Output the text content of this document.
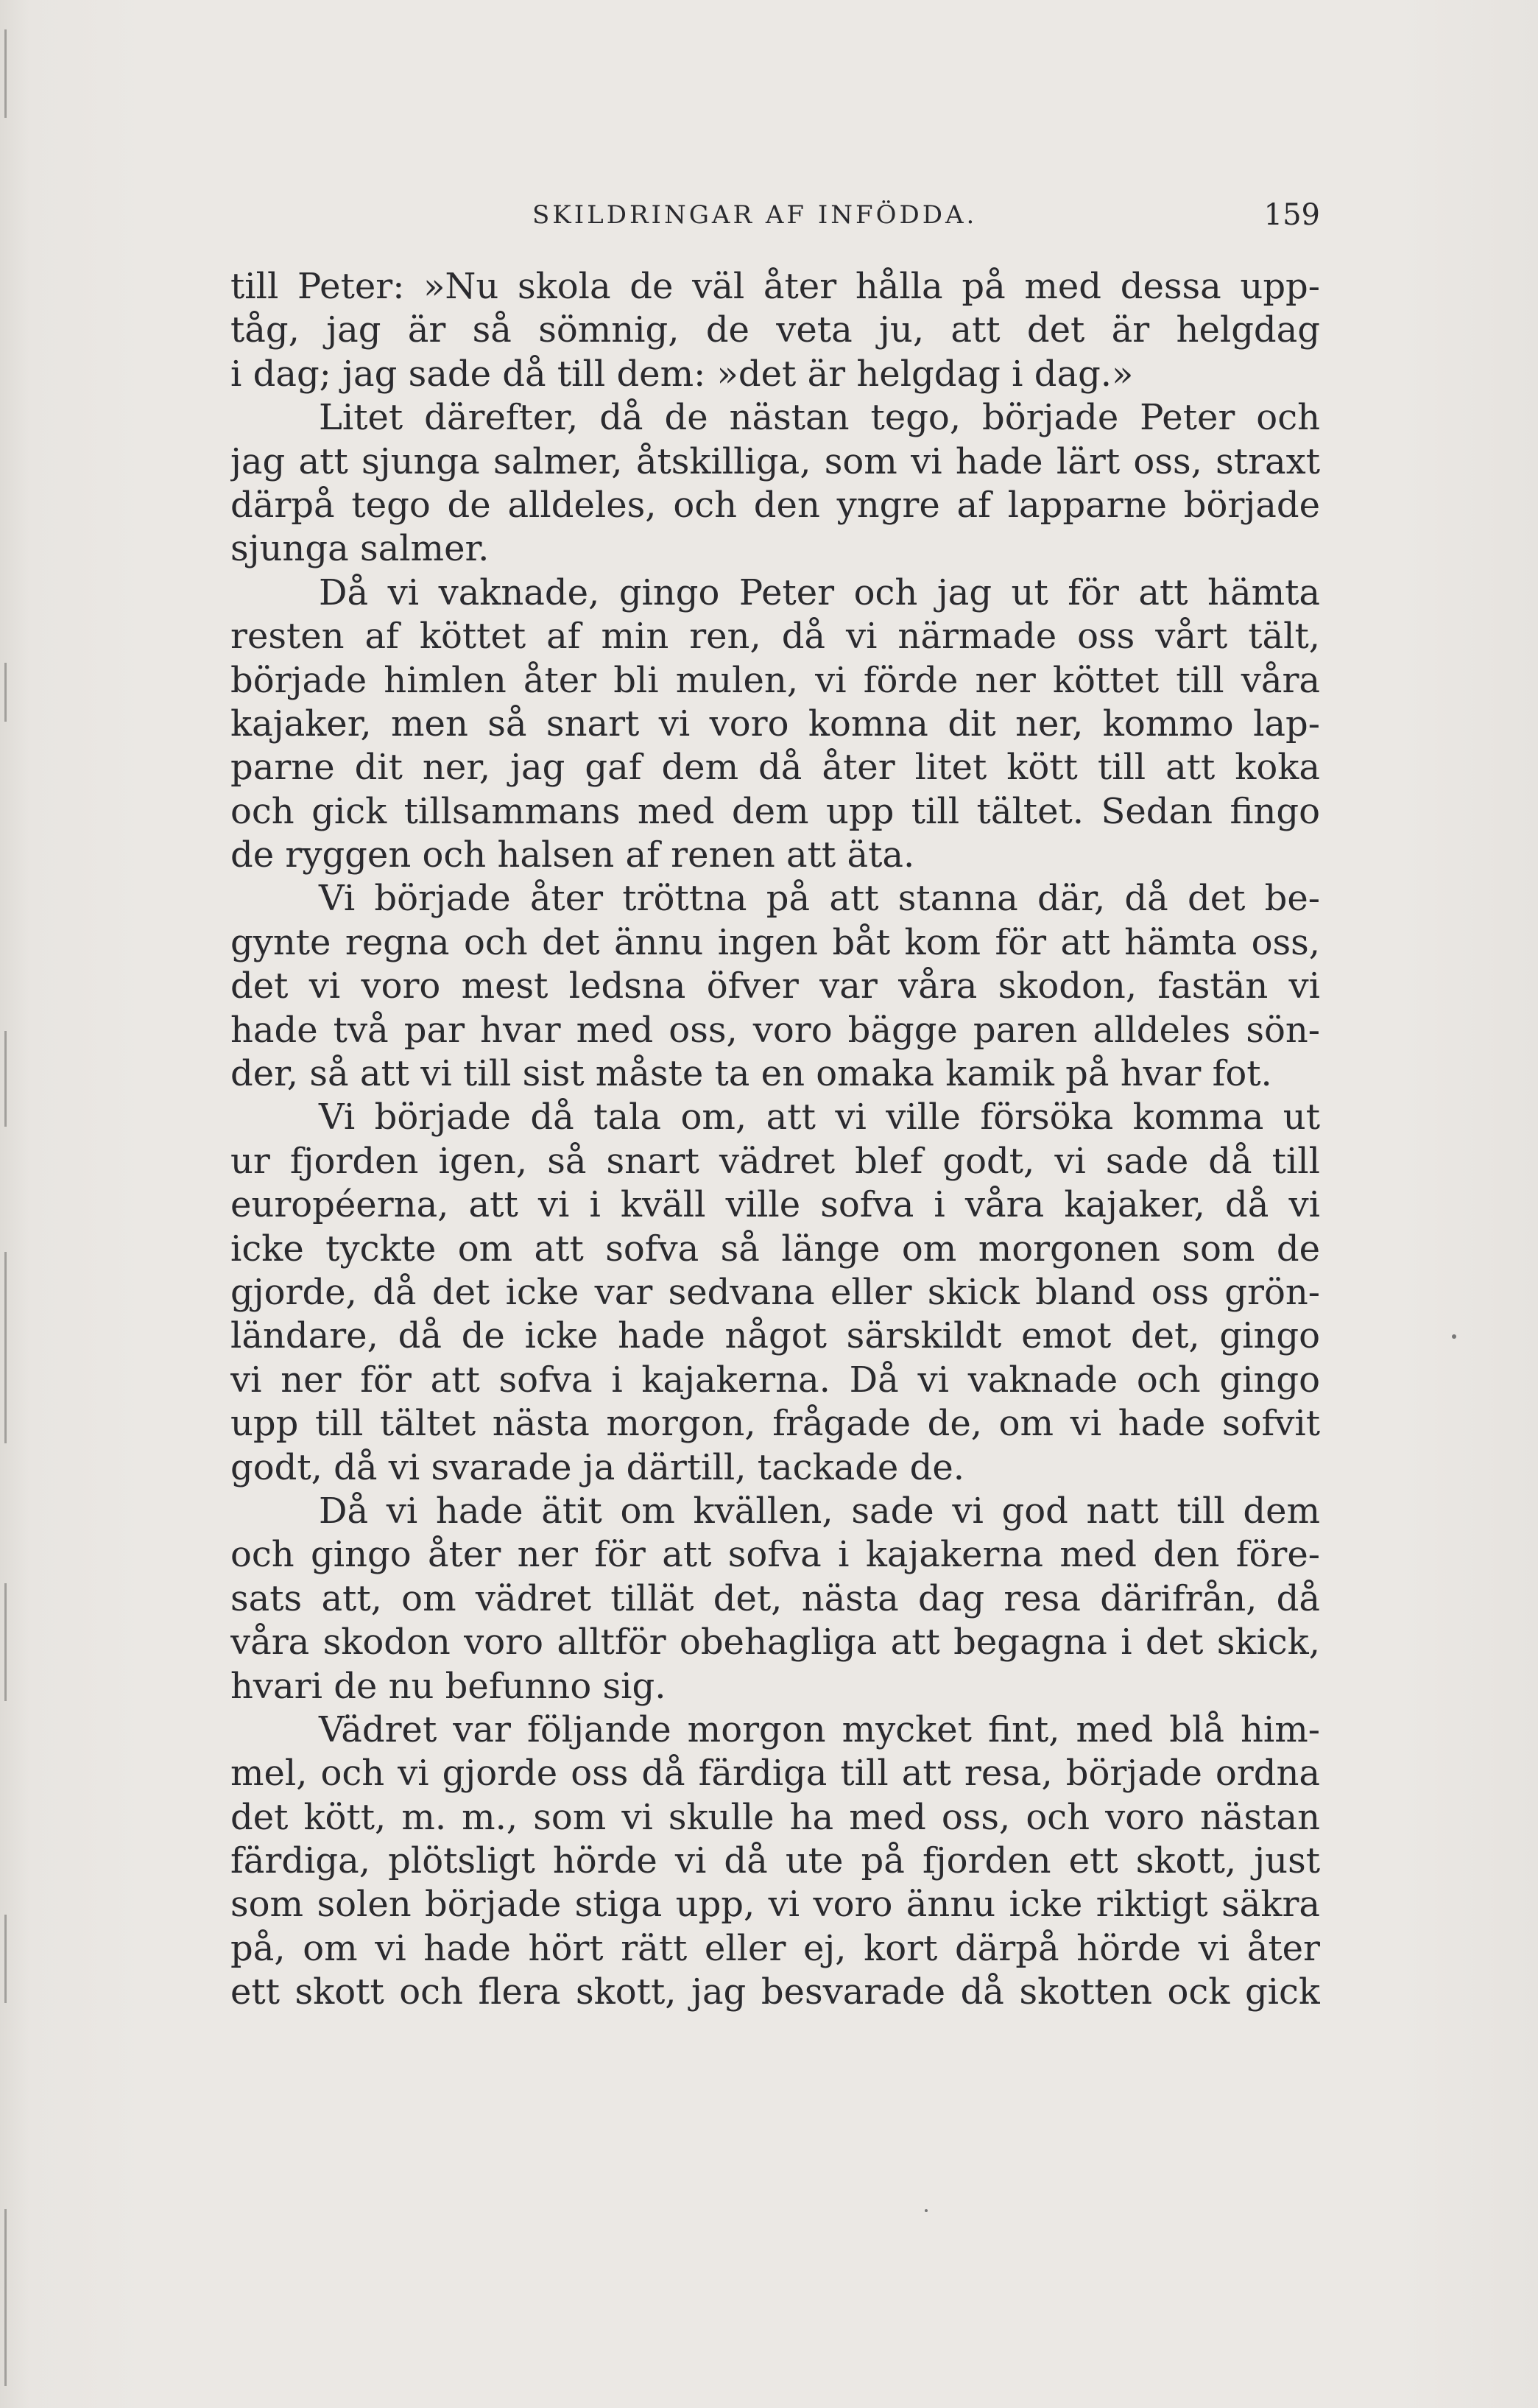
SKILDRINGAR AF INFÖDDA.	159
till Peter: »Nu skola de väl åter hålla på med dessa upp-
tåg, jag är så sömnig, de veta ju, att det är helgdag
i dag; jag sade då till dem: »det är helgdag i dag.»
Litet därefter, då de nästan tego, började Peter och
jag att sjunga salmer, åtskilliga, som vi hade lärt oss, straxt
därpå tego de alldeles, och den yngre af lapparne började
sjunga salmer.
Då vi vaknade, gingo Peter och jag ut för att hämta
resten af köttet af min ren, då vi närmade oss vårt tält,
började himlen åter bli mulen, vi förde ner köttet till våra
kajaker, men så snart vi voro komna dit ner, kommo lap-
parne dit ner, jag gaf dem då åter litet kött till att koka
och gick tillsammans med dem upp till tältet. Sedan fingo
de ryggen och halsen af renen att äta.
Vi började åter tröttna på att stanna där, då det be-
gynte regna och det ännu ingen båt kom för att hämta oss,
det vi voro mest ledsna öfver var våra skodon, fastän vi
hade två par hvar med oss, voro bägge paren alldeles sön-
der, så att vi till sist måste ta en omaka kamik på hvar fot.
Vi började då tala om, att vi ville försöka komma ut
ur fjorden igen, så snart vädret blef godt, vi sade då till
européerna, att vi i kväll ville sofva i våra kajaker, då vi
icke tyckte om att sofva så länge om morgonen som de
gjorde, då det icke var sedvana eller skick bland oss grön-
ländare, då de icke hade något särskildt emot det, gingo
vi ner för att sofva i kajakerna. Då vi vaknade och gingo
upp till tältet nästa morgon, frågade de, om vi hade sofvit
godt, då vi svarade ja därtill, tackade de.
Då vi hade ätit om kvällen, sade vi god natt till dem
och gingo åter ner för att sofva i kajakerna med den före-
sats att, om vädret tillät det, nästa dag resa därifrån, då
våra skodon voro alltför obehagliga att begagna i det skick,
hvari de nu befunno sig.
Vädret var följande morgon mycket fint, med blå him-
mel, och vi gjorde oss då färdiga till att resa, började ordna
det kött, m. m., som vi skulle ha med oss, och voro nästan
färdiga, plötsligt hörde vi då ute på fjorden ett skott, just
som solen började stiga upp, vi voro ännu icke riktigt säkra
på, om vi hade hört rätt eller ej, kort därpå hörde vi åter
ett skott och flera skott, jag besvarade då skotten ock gick
